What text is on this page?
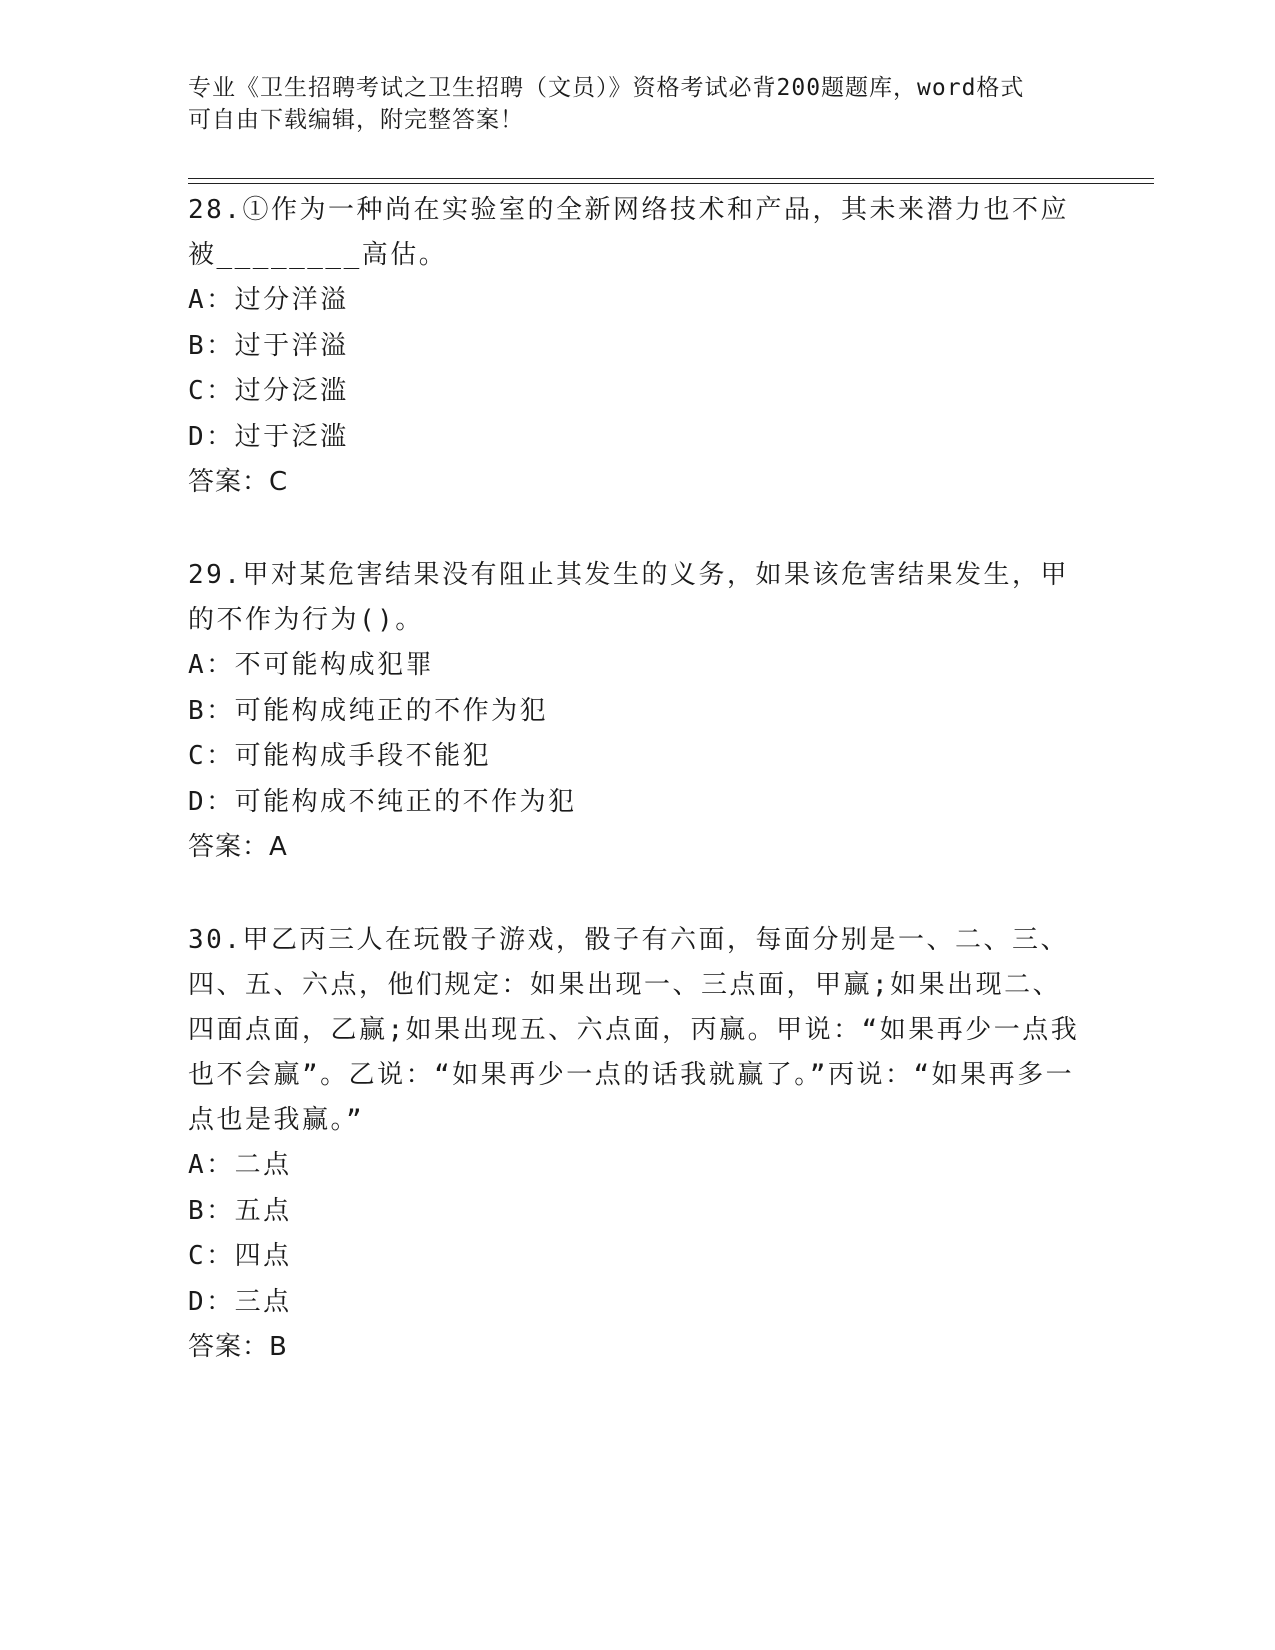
专业《卫生招聘考试之卫生招聘（文员）》资格考试必背200题题库，word格式
可自由下载编辑，附完整答案！
28.①作为一种尚在实验室的全新网络技术和产品，其未来潜力也不应被________高估。
A：过分洋溢
B：过于洋溢
C：过分泛滥
D：过于泛滥
答案：C
29.甲对某危害结果没有阻止其发生的义务，如果该危害结果发生，甲的不作为行为()。
A：不可能构成犯罪
B：可能构成纯正的不作为犯
C：可能构成手段不能犯
D：可能构成不纯正的不作为犯
答案：A
30.甲乙丙三人在玩骰子游戏，骰子有六面，每面分别是一、二、三、四、五、六点，他们规定：如果出现一、三点面，甲赢;如果出现二、四面点面，乙赢;如果出现五、六点面，丙赢。甲说：“如果再少一点我也不会赢”。乙说：“如果再少一点的话我就赢了。”丙说：“如果再多一点也是我赢。”
A：二点
B：五点
C：四点
D：三点
答案：B
